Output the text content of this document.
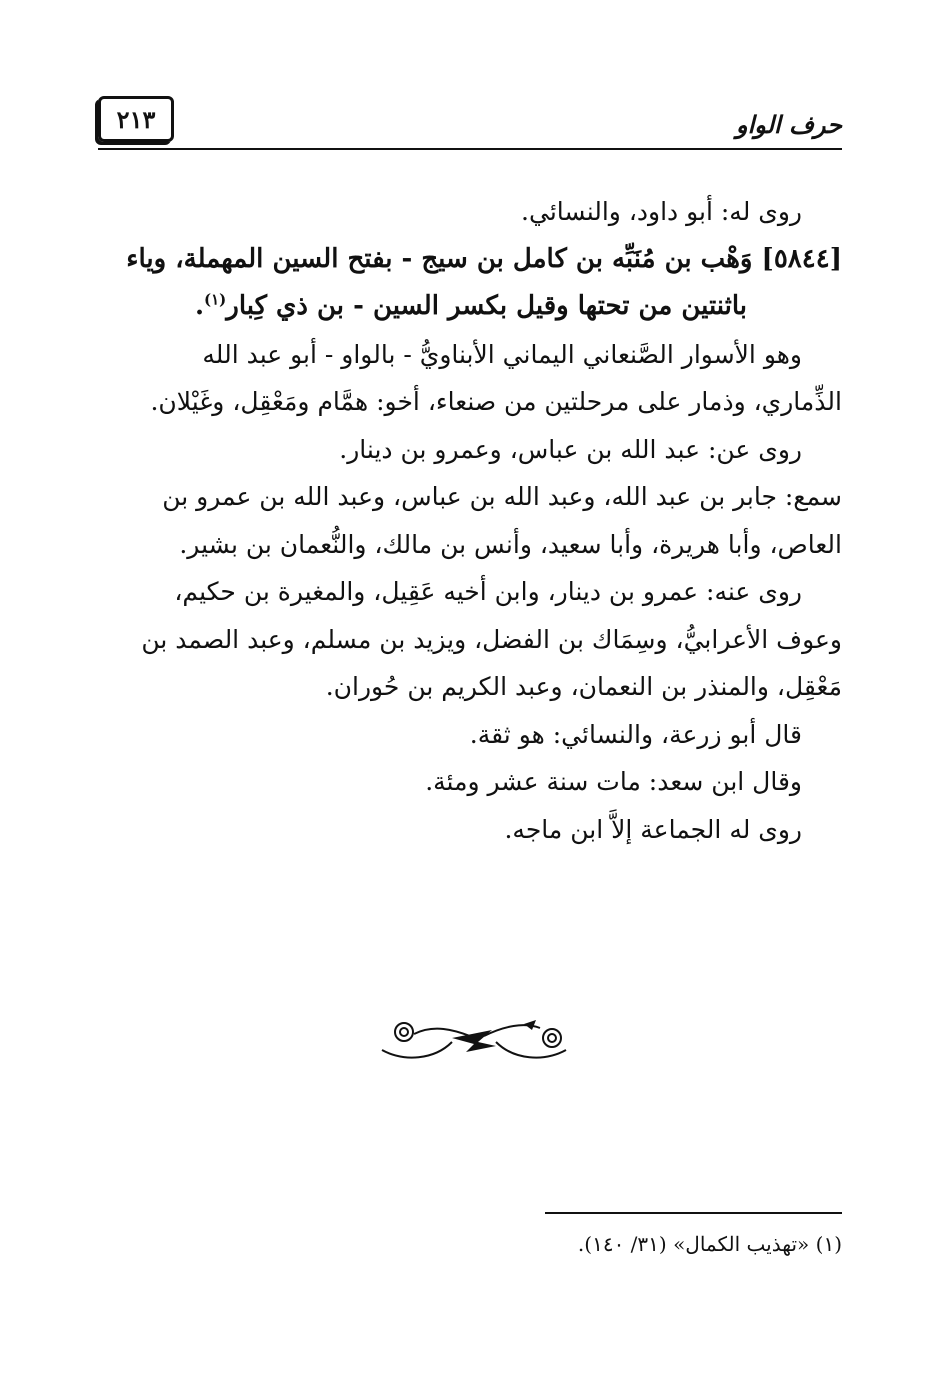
٢١٣	حرف الواو
روى له: أبو داود، والنسائي.
[٥٨٤٤] وَهْب بن مُنَبِّه بن كامل بن سيج - بفتح السين المهملة، وياء
باثنتين من تحتها وقيل بكسر السين - بن ذي كِبار$^{(١)}$.
وهو الأسوار الصَّنعاني اليماني الأبناويُّ - بالواو - أبو عبد الله
الذِّماري، وذمار على مرحلتين من صنعاء، أخو: همَّام ومَعْقِل، وغَيْلان.
روى عن: عبد الله بن عباس، وعمرو بن دينار.
سمع: جابر بن عبد الله، وعبد الله بن عباس، وعبد الله بن عمرو بن
العاص، وأبا هريرة، وأبا سعيد، وأنس بن مالك، والنُّعمان بن بشير.
روى عنه: عمرو بن دينار، وابن أخيه عَقِيل، والمغيرة بن حكيم،
وعوف الأعرابيُّ، وسِمَاك بن الفضل، ويزيد بن مسلم، وعبد الصمد بن
مَعْقِل، والمنذر بن النعمان، وعبد الكريم بن حُوران.
قال أبو زرعة، والنسائي: هو ثقة.
وقال ابن سعد: مات سنة عشر ومئة.
روى له الجماعة إلاَّ ابن ماجه.
(١) «تهذيب الكمال» (٣١/ ١٤٠).
